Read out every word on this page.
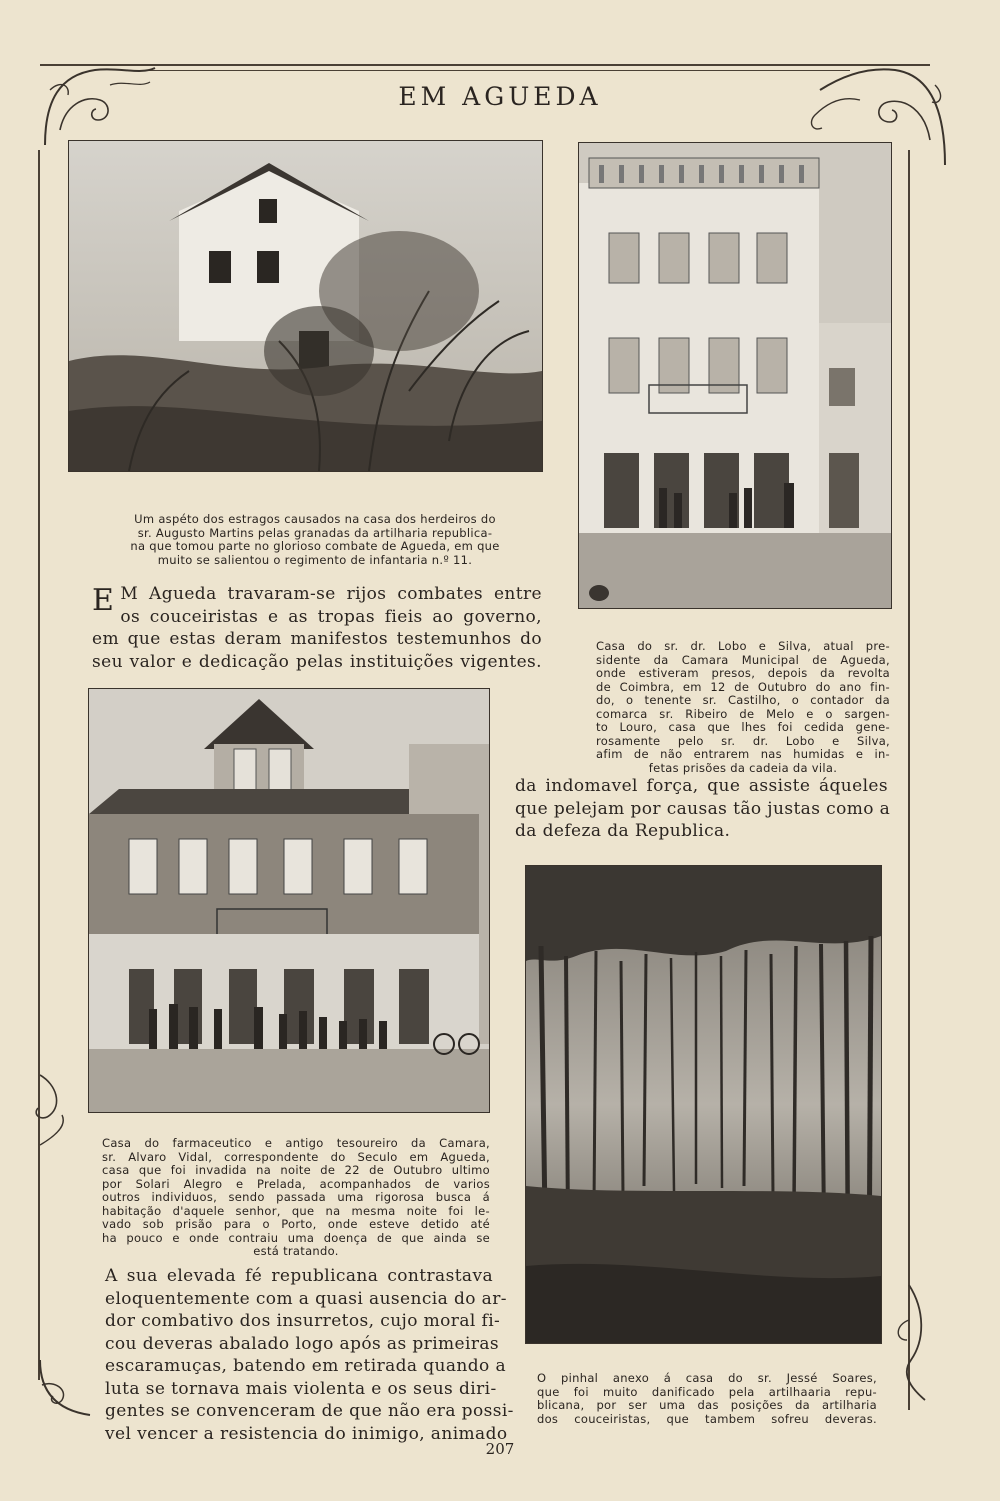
EM AGUEDA
Um aspéto dos estragos causados na casa dos herdeiros do
sr. Augusto Martins pelas granadas da artilharia republica-
na que tomou parte no glorioso combate de Agueda, em que
muito se salientou o regimento de infantaria n.º 11.
E M Agueda travaram-se rijos combates entre
os couceiristas e as tropas fieis ao governo,
em que estas deram manifestos testemunhos do
seu valor e dedicação pelas instituições vigentes.
Casa do sr. dr. Lobo e Silva, atual pre-
sidente da Camara Municipal de Agueda,
onde estiveram presos, depois da revolta
de Coimbra, em 12 de Outubro do ano fin-
do, o tenente sr. Castilho, o contador da
comarca sr. Ribeiro de Melo e o sargen-
to Louro, casa que lhes foi cedida gene-
rosamente pelo sr. dr. Lobo e Silva,
afim de não entrarem nas humidas e in-
fetas prisões da cadeia da vila.
da indomavel força, que assiste áqueles
que pelejam por causas tão justas como a
da defeza da Republica.
Casa do farmaceutico e antigo tesoureiro da Camara,
sr. Alvaro Vidal, correspondente do Seculo em Agueda,
casa que foi invadida na noite de 22 de Outubro ultimo
por Solari Alegro e Prelada, acompanhados de varios
outros individuos, sendo passada uma rigorosa busca á
habitação d'aquele senhor, que na mesma noite foi le-
vado sob prisão para o Porto, onde esteve detido até
ha pouco e onde contraiu uma doença de que ainda se
está tratando.
A sua elevada fé republicana contrastava
eloquentemente com a quasi ausencia do ar-
dor combativo dos insurretos, cujo moral fi-
cou deveras abalado logo após as primeiras
escaramuças, batendo em retirada quando a
luta se tornava mais violenta e os seus diri-
gentes se convenceram de que não era possi-
vel vencer a resistencia do inimigo, animado
O pinhal anexo á casa do sr. Jessé Soares,
que foi muito danificado pela artilhaaria repu-
blicana, por ser uma das posições da artilharia
dos couceiristas, que tambem sofreu deveras.
207
